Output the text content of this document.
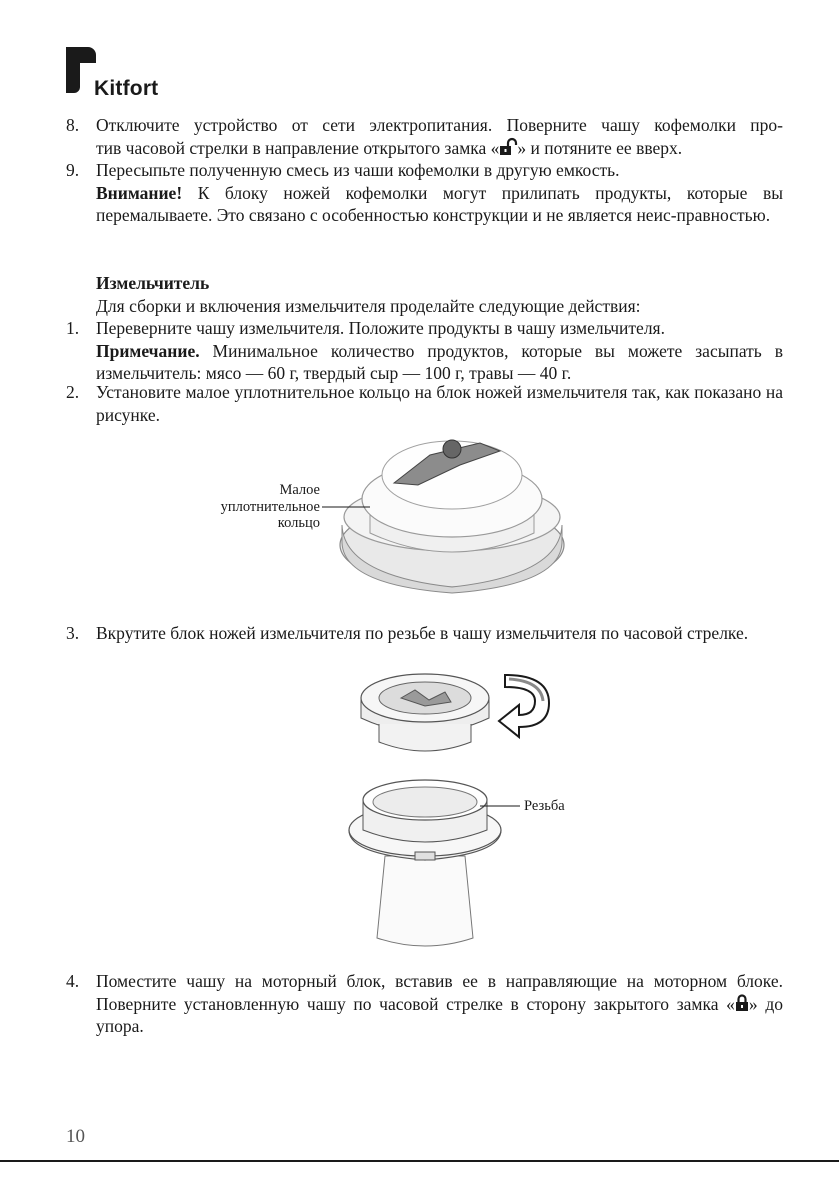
Kitfort
8. Отключите устройство от сети электропитания. Поверните чашу кофемолки про-

тив часовой стрелки в направление открытого замка « » и потяните ее вверх.

9. Пересыпьте полученную смесь из чаши кофемолки в другую емкость.

Внимание! К блоку ножей кофемолки могут прилипать продукты, которые вы перемалываете. Это связано с особенностью конструкции и не является неис-правностью.

Измельчитель

Для сборки и включения измельчителя проделайте следующие действия:

1. Переверните чашу измельчителя. Положите продукты в чашу измельчителя.

Примечание. Минимальное количество продуктов, которые вы можете засыпать в измельчитель: мясо — 60 г, твердый сыр — 100 г, травы — 40 г.

2. Установите малое уплотнительное кольцо на блок ножей измельчителя так, как показано на рисунке.

Малое
уплотнительное
кольцо
3. Вкрутите блок ножей измельчителя по резьбе в чашу измельчителя по часовой стрелке.

Резьба
4. Поместите чашу на моторный блок, вставив ее в направляющие на моторном блоке. Поверните установленную чашу по часовой стрелке в сторону закрытого замка « » до упора.

10
